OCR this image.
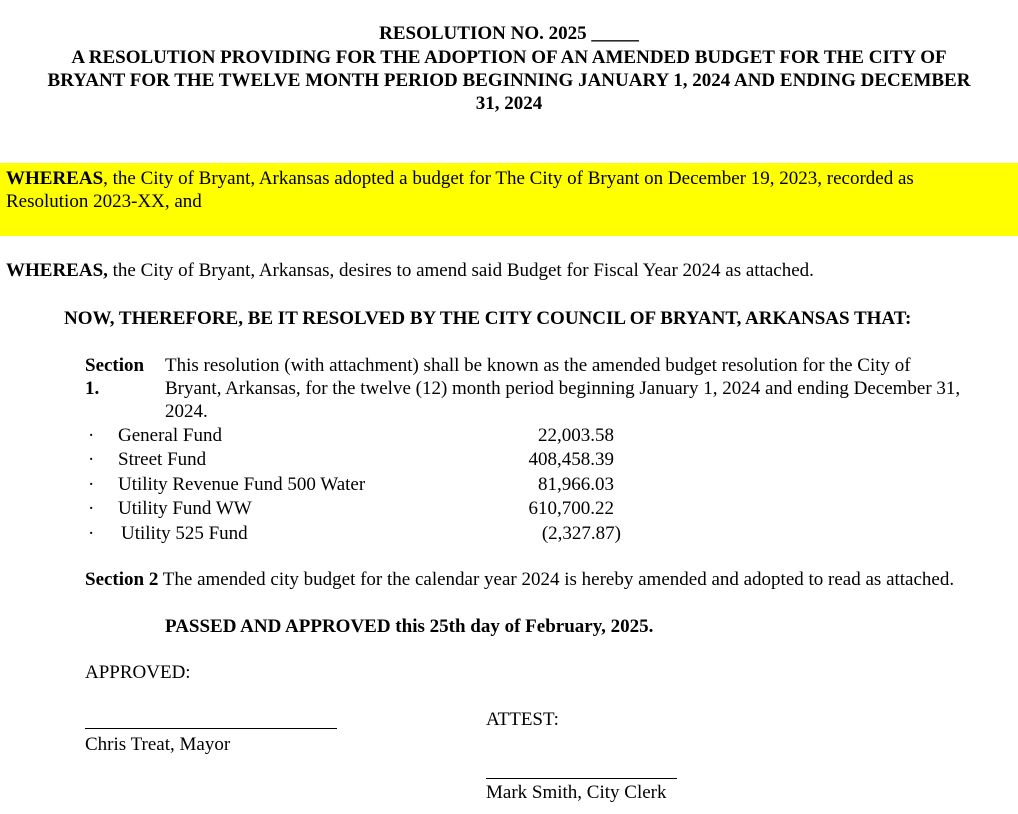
RESOLUTION NO. 2025 _____
A RESOLUTION PROVIDING FOR THE ADOPTION OF AN AMENDED BUDGET FOR THE CITY OF
BRYANT FOR THE TWELVE MONTH PERIOD BEGINNING JANUARY 1, 2024 AND ENDING DECEMBER
31, 2024
WHEREAS, the City of Bryant, Arkansas adopted a budget for The City of Bryant on December 19, 2023, recorded as
Resolution 2023-XX, and
WHEREAS, the City of Bryant, Arkansas, desires to amend said Budget for Fiscal Year 2024 as attached.
NOW, THEREFORE, BE IT RESOLVED BY THE CITY COUNCIL OF BRYANT, ARKANSAS THAT:
Section
1.
This resolution (with attachment) shall be known as the amended budget resolution for the City of
Bryant, Arkansas, for the twelve (12) month period beginning January 1, 2024 and ending December 31,
2024.
· General Fund	22,003.58
· Street Fund	408,458.39
· Utility Revenue Fund 500 Water	81,966.03
· Utility Fund WW	610,700.22
· Utility 525 Fund	(2,327.87)
Section 2 The amended city budget for the calendar year 2024 is hereby amended and adopted to read as attached.
PASSED AND APPROVED this 25th day of February, 2025.
APPROVED:
ATTEST:
Chris Treat, Mayor
Mark Smith, City Clerk
